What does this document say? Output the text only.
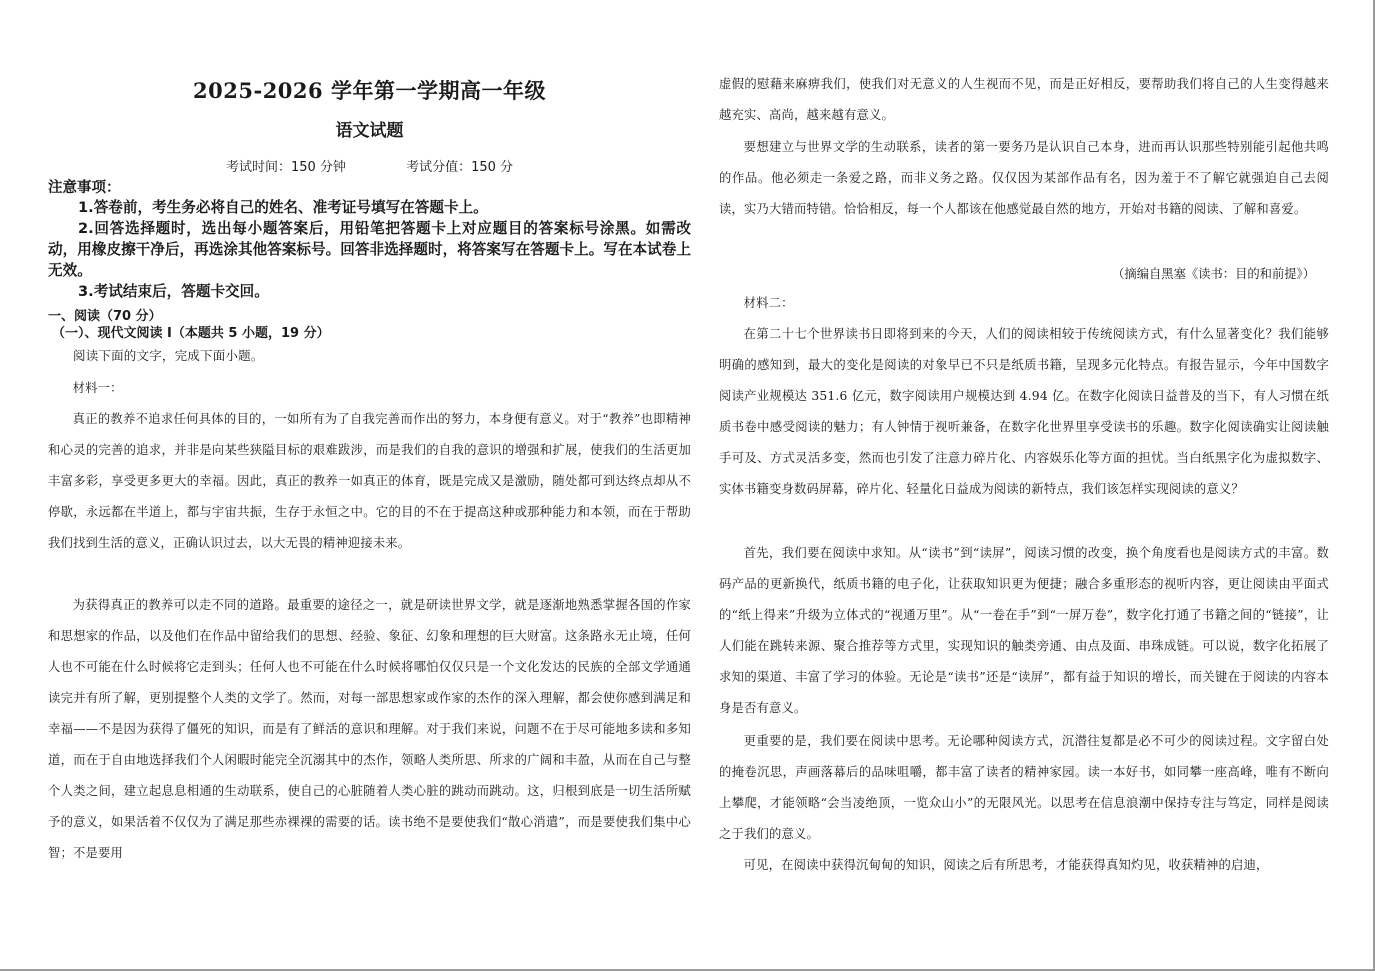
2025-2026 学年第一学期高一年级
语文试题
考试时间：150 分钟	考试分值：150 分
注意事项：
1.答卷前，考生务必将自己的姓名、准考证号填写在答题卡上。
2.回答选择题时，选出每小题答案后，用铅笔把答题卡上对应题目的答案标号涂黑。如需改动，用橡皮擦干净后，再选涂其他答案标号。回答非选择题时，将答案写在答题卡上。写在本试卷上无效。
3.考试结束后，答题卡交回。
一、阅读（70 分）
（一）、现代文阅读 I（本题共 5 小题，19 分）
阅读下面的文字，完成下面小题。
材料一：
真正的教养不追求任何具体的目的，一如所有为了自我完善而作出的努力，本身便有意义。对于“教养”也即精神和心灵的完善的追求，并非是向某些狭隘目标的艰难跋涉，而是我们的自我的意识的增强和扩展，使我们的生活更加丰富多彩，享受更多更大的幸福。因此，真正的教养一如真正的体育，既是完成又是激励，随处都可到达终点却从不停歇，永远都在半道上，都与宇宙共振，生存于永恒之中。它的目的不在于提高这种或那种能力和本领，而在于帮助我们找到生活的意义，正确认识过去，以大无畏的精神迎接未来。
为获得真正的教养可以走不同的道路。最重要的途径之一，就是研读世界文学，就是逐渐地熟悉掌握各国的作家和思想家的作品，以及他们在作品中留给我们的思想、经验、象征、幻象和理想的巨大财富。这条路永无止境，任何人也不可能在什么时候将它走到头；任何人也不可能在什么时候将哪怕仅仅只是一个文化发达的民族的全部文学通通读完并有所了解，更别提整个人类的文学了。然而，对每一部思想家或作家的杰作的深入理解，都会使你感到满足和幸福——不是因为获得了僵死的知识，而是有了鲜活的意识和理解。对于我们来说，问题不在于尽可能地多读和多知道，而在于自由地选择我们个人闲暇时能完全沉溺其中的杰作，领略人类所思、所求的广阔和丰盈，从而在自己与整个人类之间，建立起息息相通的生动联系，使自己的心脏随着人类心脏的跳动而跳动。这，归根到底是一切生活所赋予的意义，如果活着不仅仅为了满足那些赤裸裸的需要的话。读书绝不是要使我们“散心消遣”，而是要使我们集中心智；不是要用
虚假的慰藉来麻痹我们，使我们对无意义的人生视而不见，而是正好相反，要帮助我们将自己的人生变得越来越充实、高尚，越来越有意义。
要想建立与世界文学的生动联系，读者的第一要务乃是认识自己本身，进而再认识那些特别能引起他共鸣的作品。他必须走一条爱之路，而非义务之路。仅仅因为某部作品有名，因为羞于不了解它就强迫自己去阅读，实乃大错而特错。恰恰相反，每一个人都该在他感觉最自然的地方，开始对书籍的阅读、了解和喜爱。
（摘编自黑塞《读书：目的和前提》）
材料二：
在第二十七个世界读书日即将到来的今天，人们的阅读相较于传统阅读方式，有什么显著变化？我们能够明确的感知到，最大的变化是阅读的对象早已不只是纸质书籍，呈现多元化特点。有报告显示，今年中国数字阅读产业规模达 351.6 亿元，数字阅读用户规模达到 4.94 亿。在数字化阅读日益普及的当下，有人习惯在纸质书卷中感受阅读的魅力；有人钟情于视听兼备，在数字化世界里享受读书的乐趣。数字化阅读确实让阅读触手可及、方式灵活多变，然而也引发了注意力碎片化、内容娱乐化等方面的担忧。当白纸黑字化为虚拟数字、实体书籍变身数码屏幕，碎片化、轻量化日益成为阅读的新特点，我们该怎样实现阅读的意义？
首先，我们要在阅读中求知。从“读书”到“读屏”，阅读习惯的改变，换个角度看也是阅读方式的丰富。数码产品的更新换代，纸质书籍的电子化，让获取知识更为便捷；融合多重形态的视听内容，更让阅读由平面式的“纸上得来”升级为立体式的“视通万里”。从“一卷在手”到“一屏万卷”，数字化打通了书籍之间的“链接”，让人们能在跳转来源、聚合推荐等方式里，实现知识的触类旁通、由点及面、串珠成链。可以说，数字化拓展了求知的渠道、丰富了学习的体验。无论是“读书”还是“读屏”，都有益于知识的增长，而关键在于阅读的内容本身是否有意义。
更重要的是，我们要在阅读中思考。无论哪种阅读方式，沉潜往复都是必不可少的阅读过程。文字留白处的掩卷沉思，声画落幕后的品味咀嚼，都丰富了读者的精神家园。读一本好书，如同攀一座高峰，唯有不断向上攀爬，才能领略“会当凌绝顶，一览众山小”的无限风光。以思考在信息浪潮中保持专注与笃定，同样是阅读之于我们的意义。
可见，在阅读中获得沉甸甸的知识，阅读之后有所思考，才能获得真知灼见，收获精神的启迪，
